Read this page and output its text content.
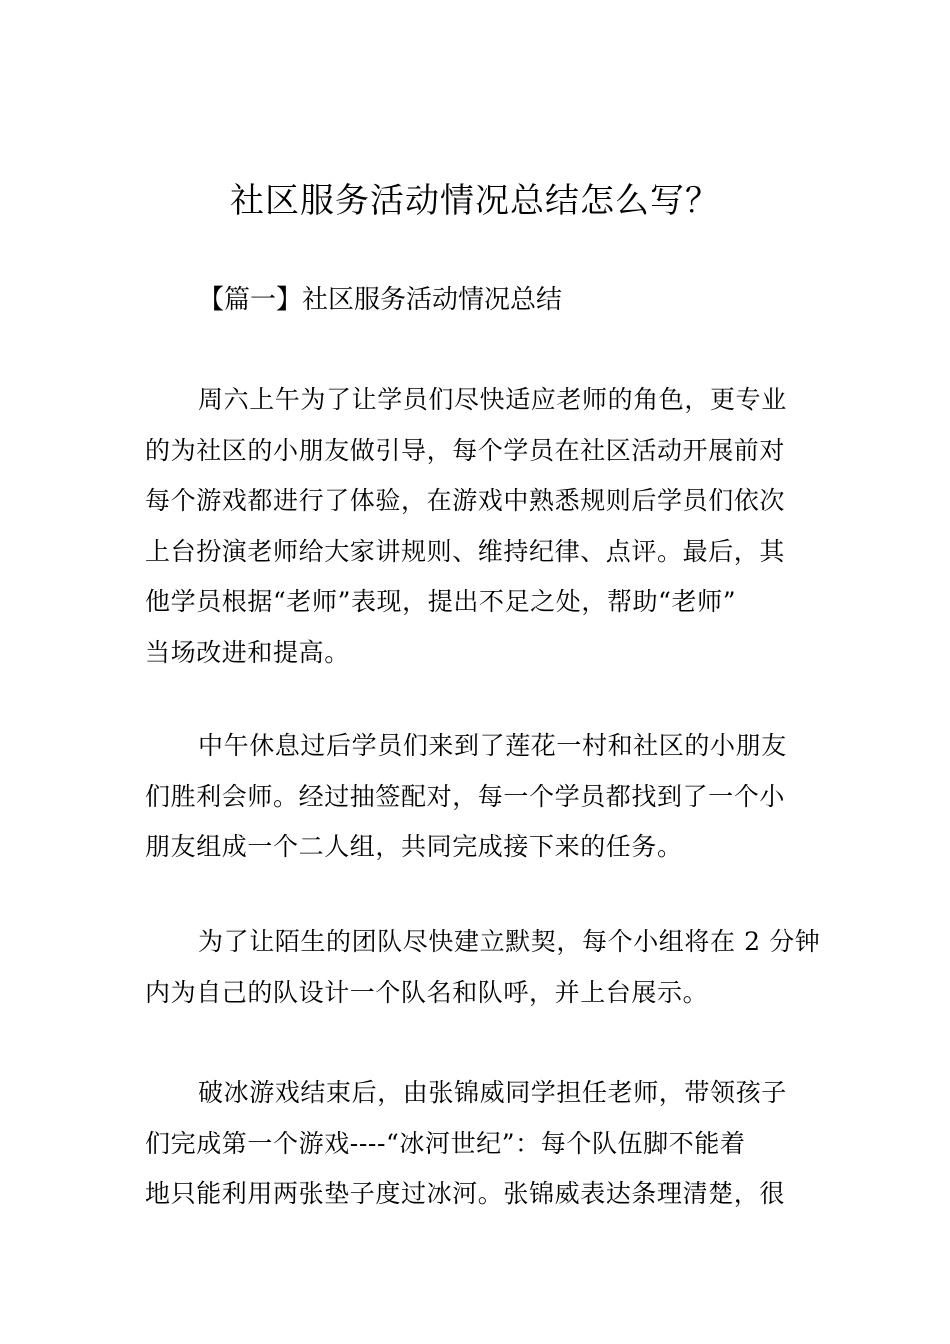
社区服务活动情况总结怎么写？

【篇一】社区服务活动情况总结

周六上午为了让学员们尽快适应老师的角色，更专业
的为社区的小朋友做引导，每个学员在社区活动开展前对
每个游戏都进行了体验，在游戏中熟悉规则后学员们依次
上台扮演老师给大家讲规则、维持纪律、点评。最后，其
他学员根据“老师”表现，提出不足之处，帮助“老师”
当场改进和提高。
中午休息过后学员们来到了莲花一村和社区的小朋友
们胜利会师。经过抽签配对，每一个学员都找到了一个小
朋友组成一个二人组，共同完成接下来的任务。
为了让陌生的团队尽快建立默契，每个小组将在 2 分钟
内为自己的队设计一个队名和队呼，并上台展示。
破冰游戏结束后，由张锦威同学担任老师，带领孩子
们完成第一个游戏----“冰河世纪”：每个队伍脚不能着
地只能利用两张垫子度过冰河。张锦威表达条理清楚，很
